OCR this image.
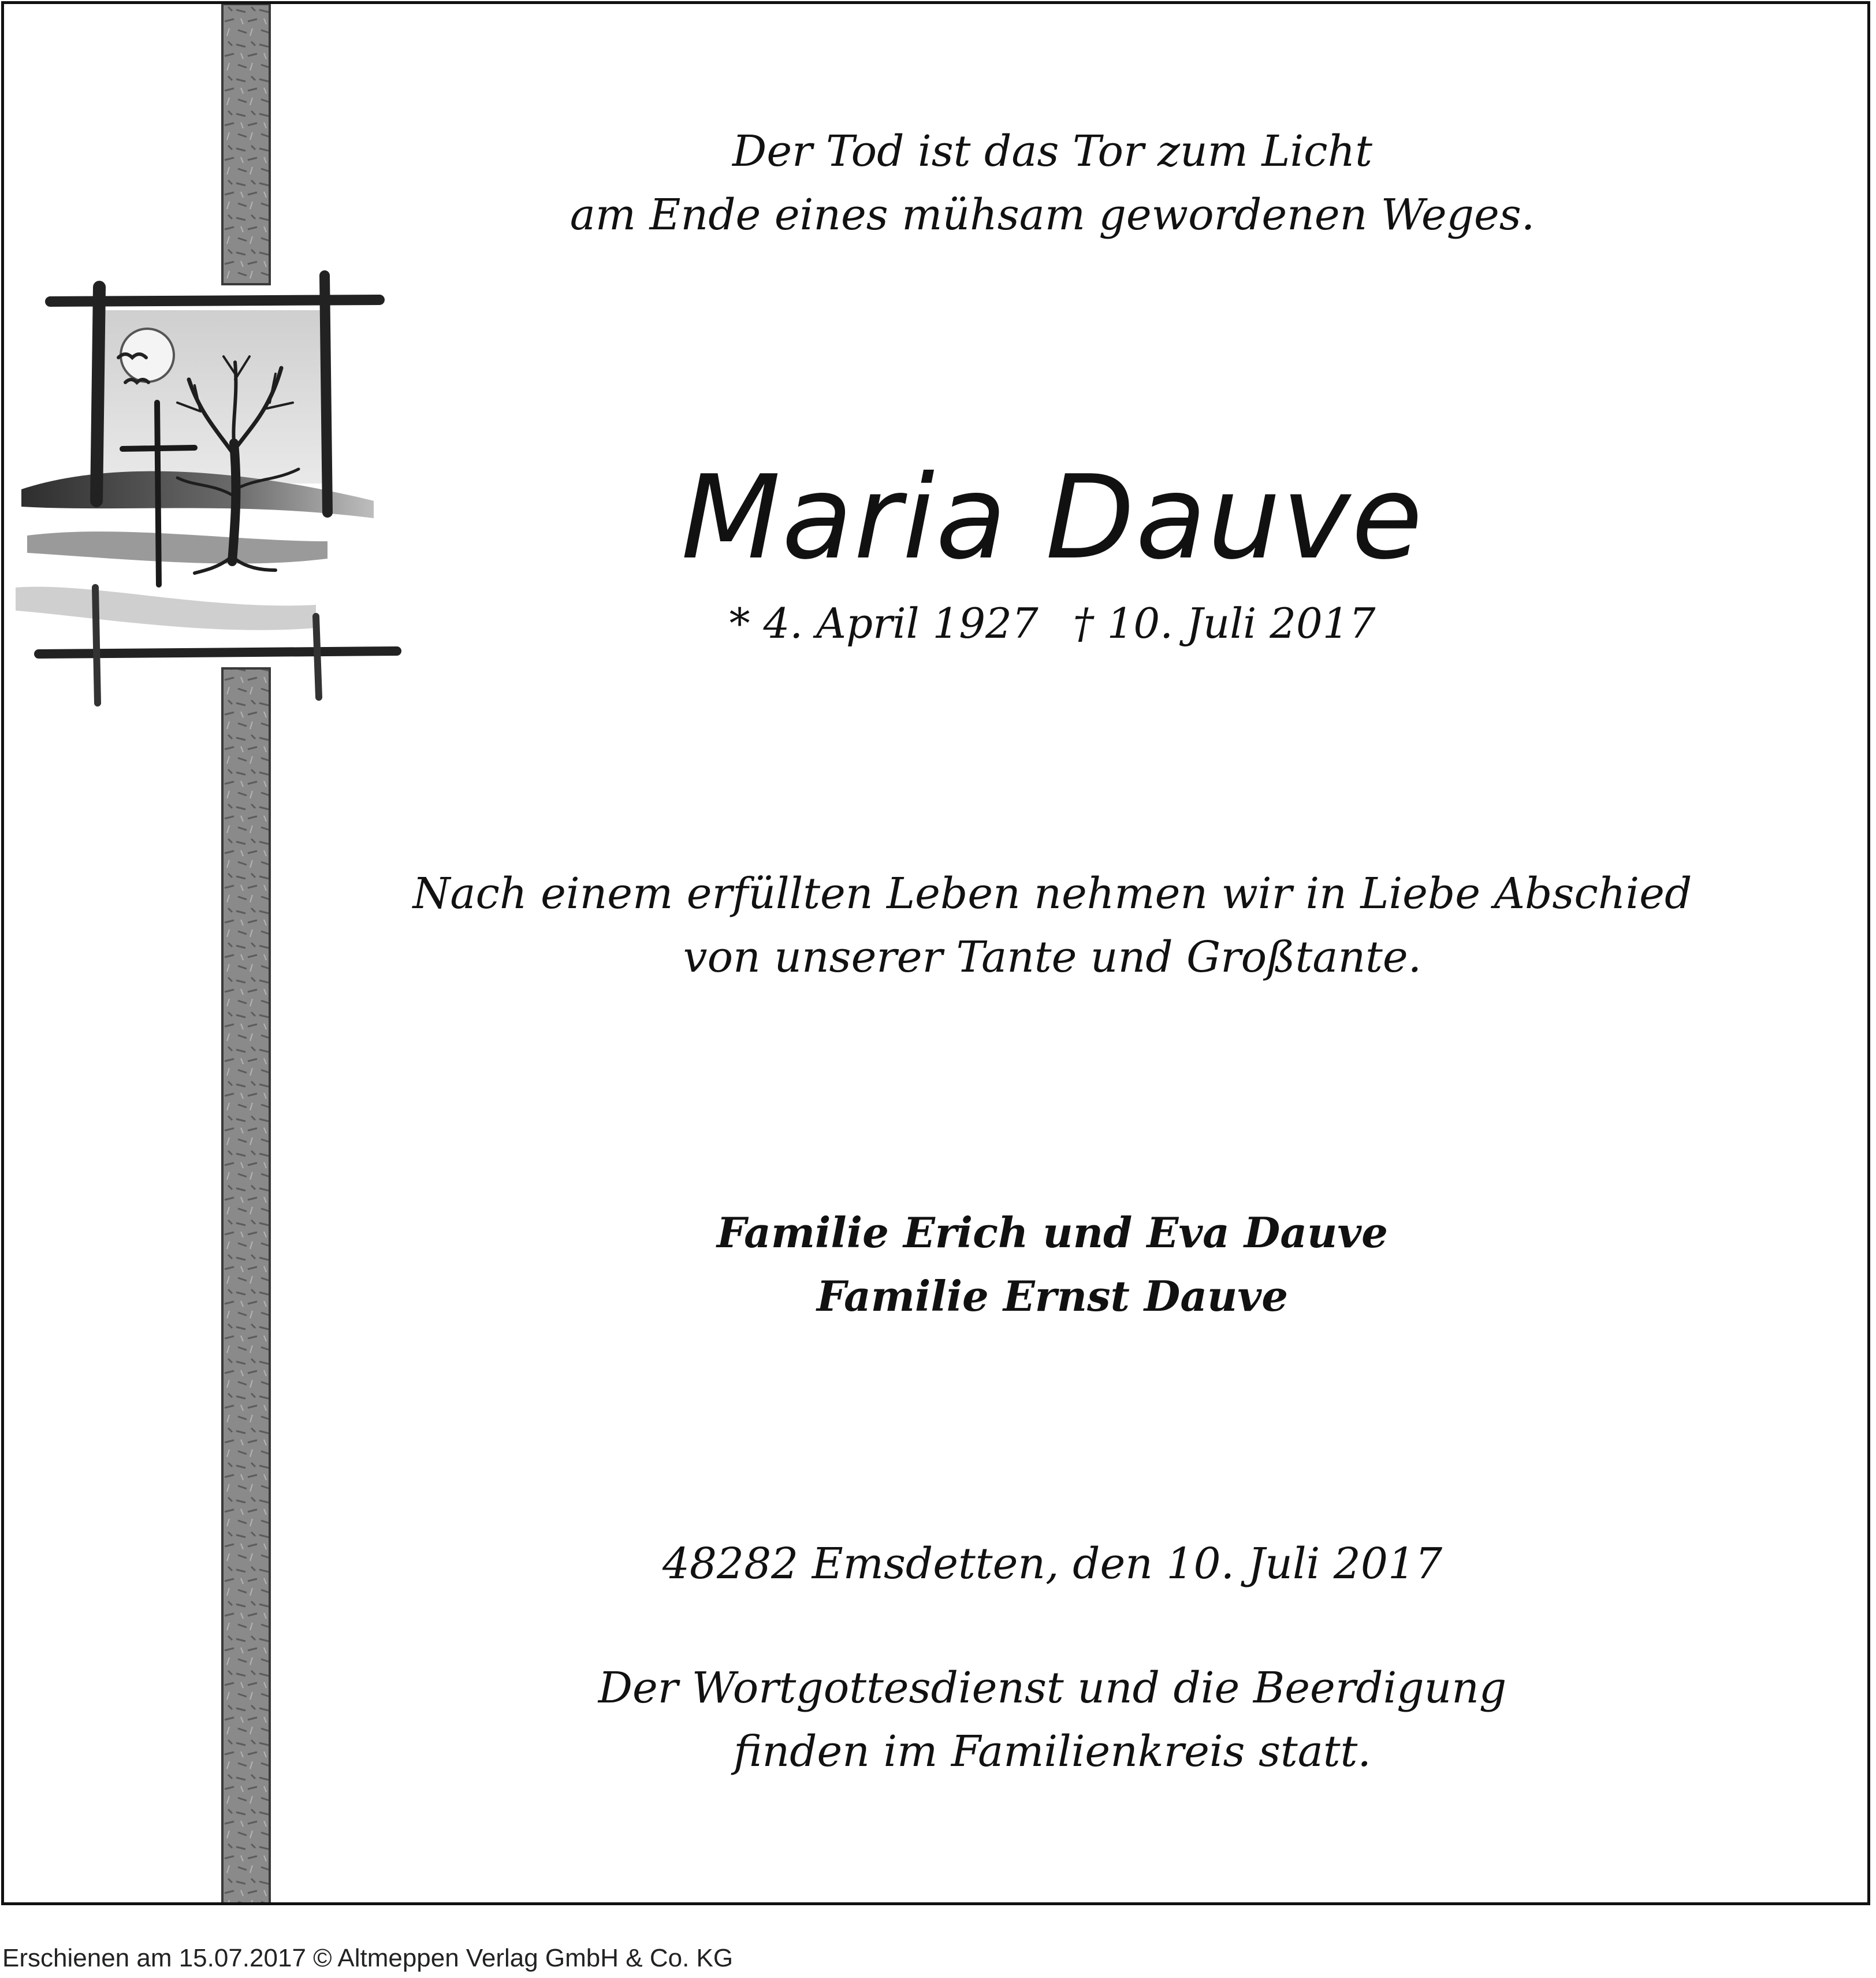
Der Tod ist das Tor zum Licht
am Ende eines mühsam gewordenen Weges.
Maria Dauve
* 4. April 1927 † 10. Juli 2017
Nach einem erfüllten Leben nehmen wir in Liebe Abschied
von unserer Tante und Großtante.
Familie Erich und Eva Dauve
Familie Ernst Dauve
48282 Emsdetten, den 10. Juli 2017
Der Wortgottesdienst und die Beerdigung
finden im Familienkreis statt.
Erschienen am 15.07.2017 © Altmeppen Verlag GmbH & Co. KG
